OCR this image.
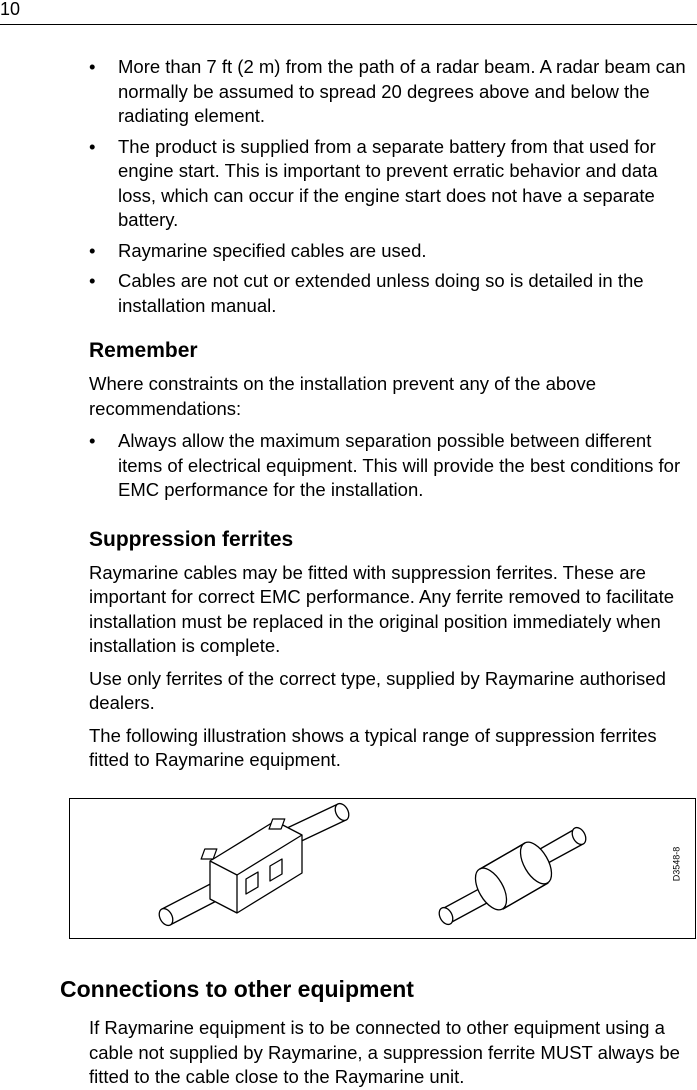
10
• More than 7 ft (2 m) from the path of a radar beam. A radar beam can normally be assumed to spread 20 degrees above and below the radiating element.
• The product is supplied from a separate battery from that used for engine start. This is important to prevent erratic behavior and data loss, which can occur if the engine start does not have a separate battery.
• Raymarine specified cables are used.
• Cables are not cut or extended unless doing so is detailed in the installation manual.
Remember

Where constraints on the installation prevent any of the above recommendations:

• Always allow the maximum separation possible between different items of electrical equipment. This will provide the best conditions for EMC performance for the installation.
Suppression ferrites

Raymarine cables may be fitted with suppression ferrites. These are important for correct EMC performance. Any ferrite removed to facilitate installation must be replaced in the original position immediately when installation is complete.

Use only ferrites of the correct type, supplied by Raymarine authorised dealers.

The following illustration shows a typical range of suppression ferrites fitted to Raymarine equipment.

D3548-8
Connections to other equipment

If Raymarine equipment is to be connected to other equipment using a cable not supplied by Raymarine, a suppression ferrite MUST always be fitted to the cable close to the Raymarine unit.
